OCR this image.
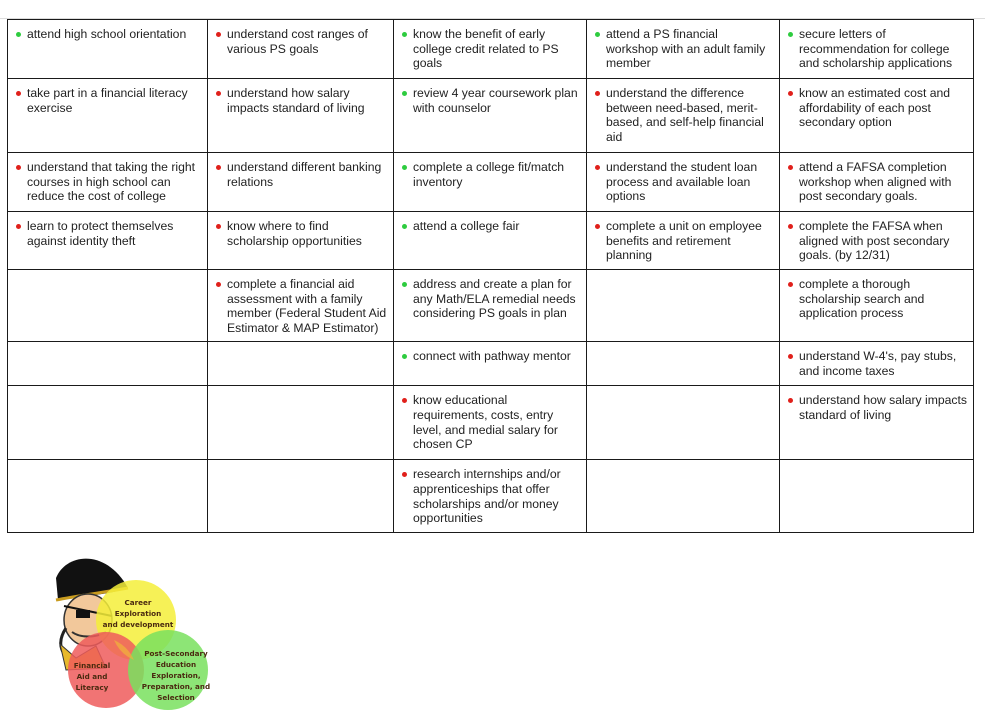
attend high school orientation	understand cost ranges of various PS goals	know the benefit of early college credit related to PS goals	attend a PS financial workshop with an adult family member	secure letters of recommendation for college and scholarship applications

take part in a financial literacy exercise	understand how salary impacts standard of living	review 4 year coursework plan with counselor	understand the difference between need-based, merit-based, and self-help financial aid	know an estimated cost and affordability of each post secondary option

understand that taking the right courses in high school can reduce the cost of college	understand different banking relations	complete a college fit/match inventory	understand the student loan process and available loan options	attend a FAFSA completion workshop when aligned with post secondary goals.

learn to protect themselves against identity theft	know where to find scholarship opportunities	attend a college fair	complete a unit on employee benefits and retirement planning	complete the FAFSA when aligned with post secondary goals. (by 12/31)

	complete a financial aid assessment with a family member (Federal Student Aid Estimator & MAP Estimator)	address and create a plan for any Math/ELA remedial needs considering PS goals in plan		complete a thorough scholarship search and application process

		connect with pathway mentor		understand W-4's, pay stubs, and income taxes

		know educational requirements, costs, entry level, and medial salary for chosen CP		understand how salary impacts standard of living

		research internships and/or apprenticeships that offer scholarships and/or money opportunities		

Career
Exploration
and development
Financial
Aid and
Literacy
Post-Secondary
Education
Exploration,
Preparation, and
Selection
